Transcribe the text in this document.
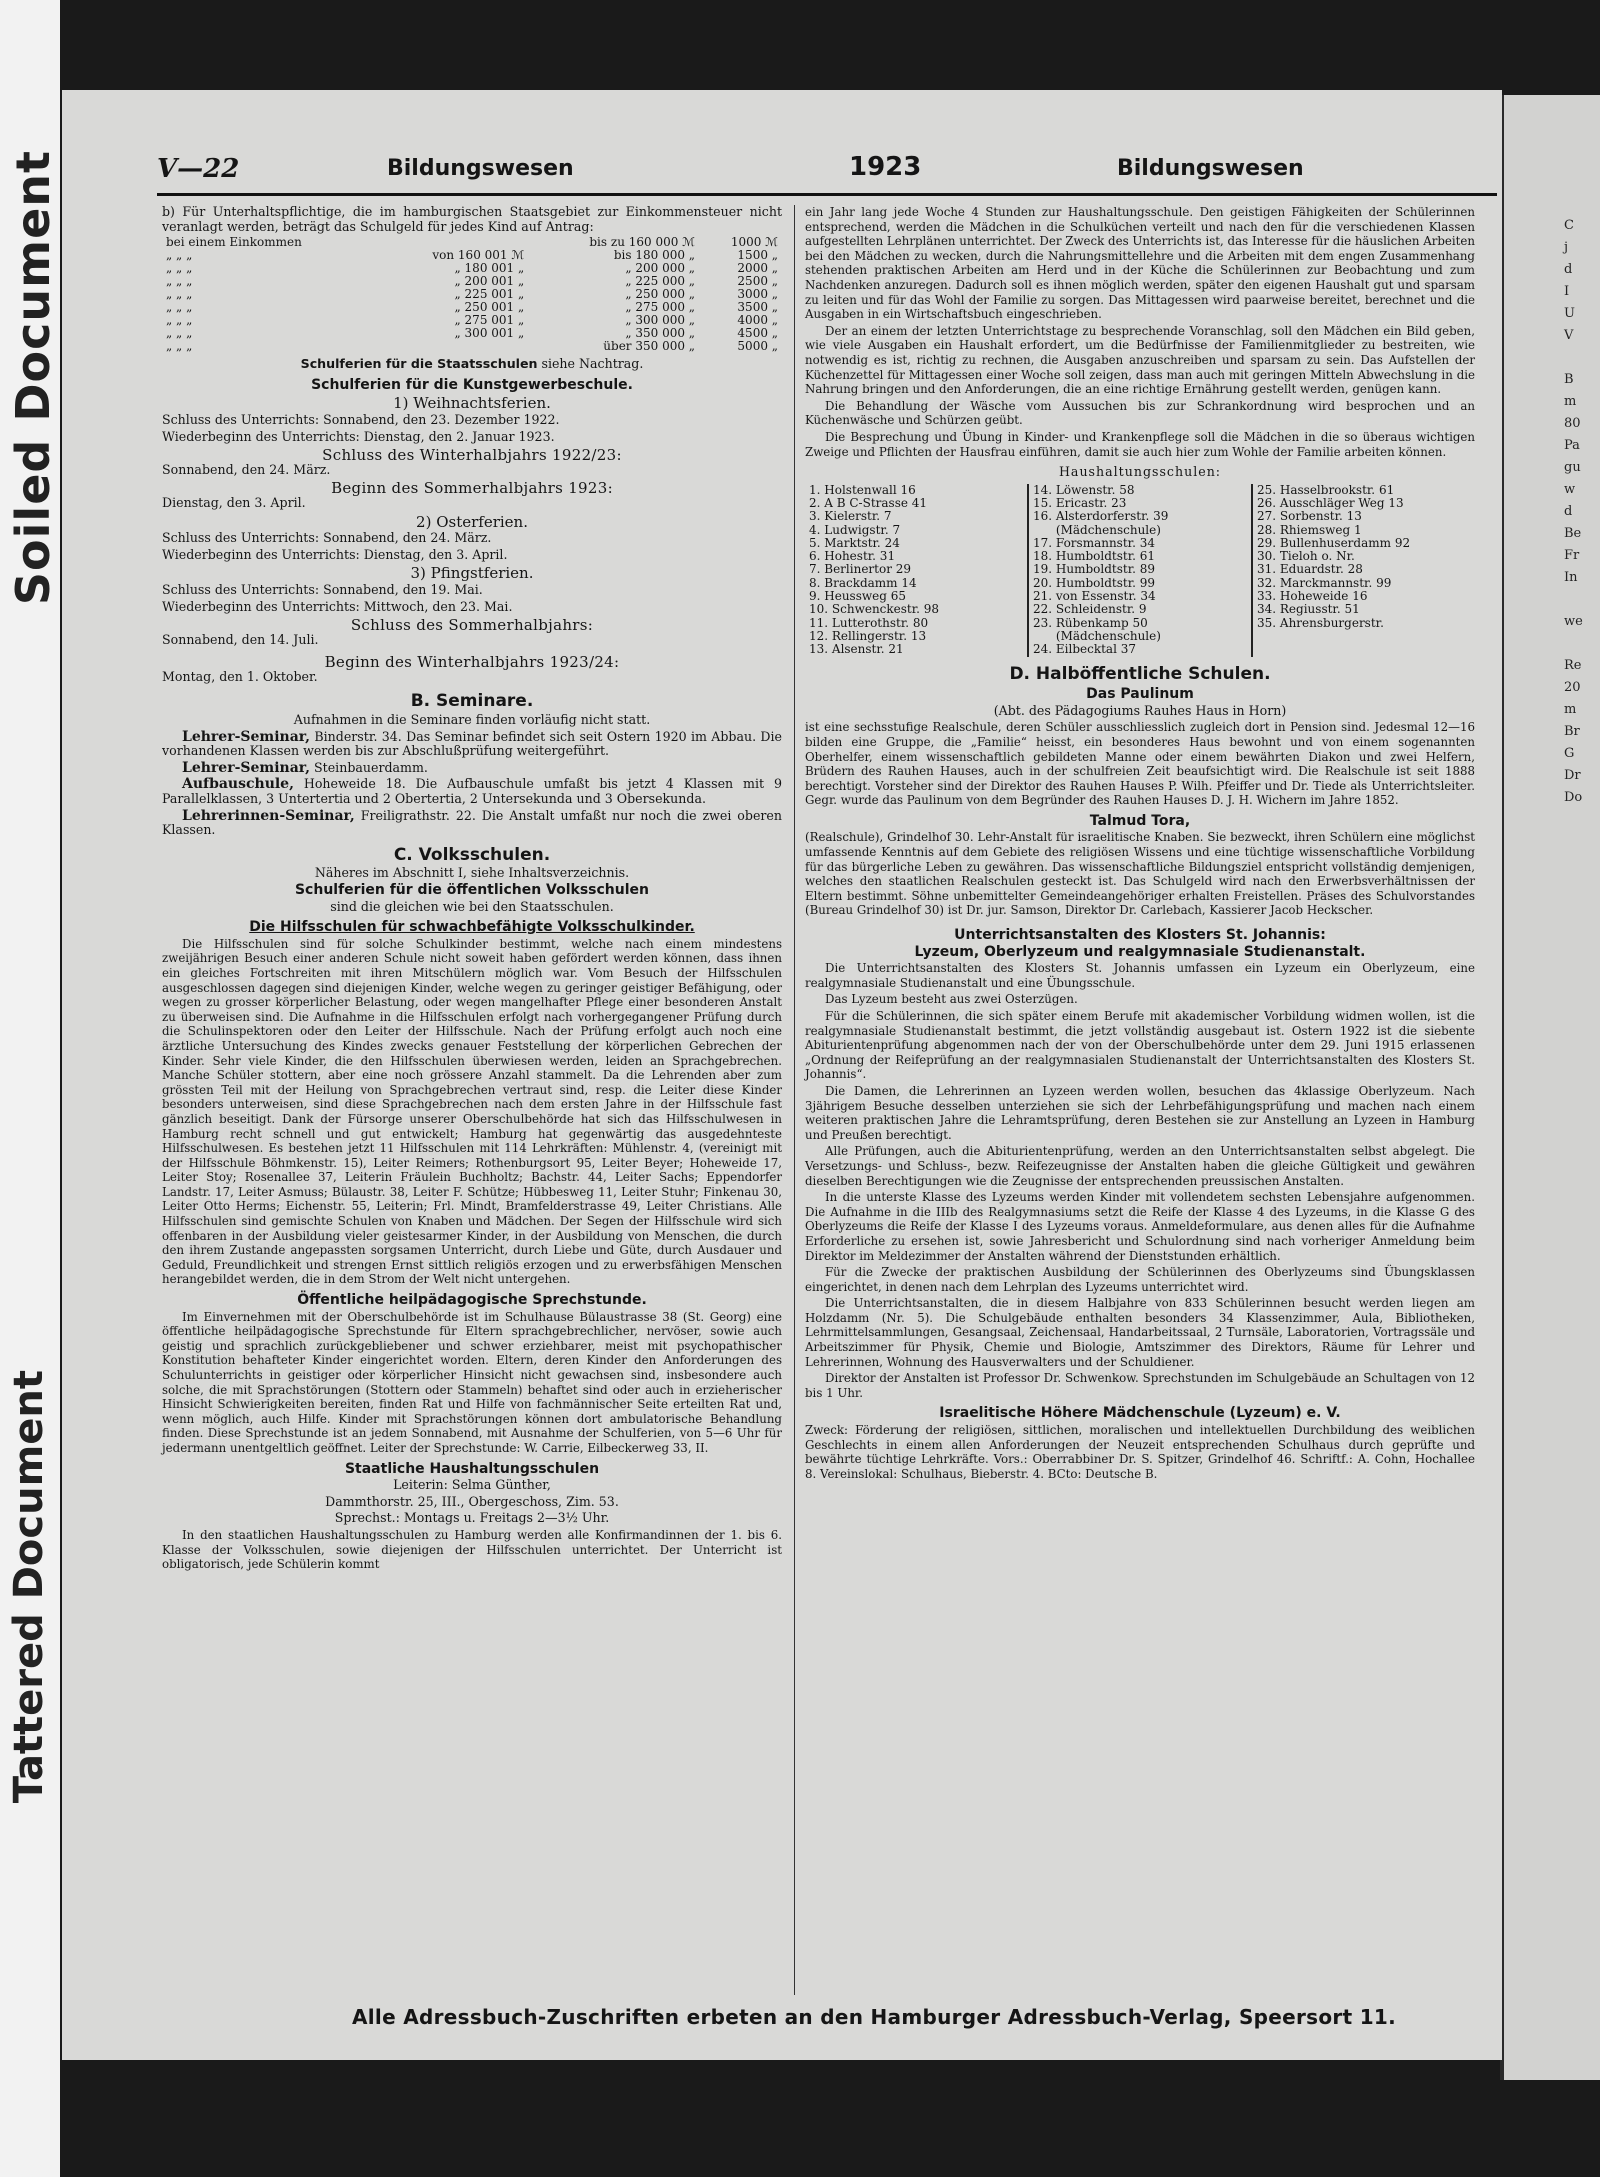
Soiled Document
Tattered Document
C
j
d
I
U
V

B
m
80
Pa
gu
w
d
Be
Fr
In

we

Re
20
m
Br
G
Dr
Do
V—22	Bildungswesen	1923	Bildungswesen

b) Für Unterhaltspflichtige, die im hamburgischen Staatsgebiet zur Einkommensteuer nicht veranlagt werden, beträgt das Schulgeld für jedes Kind auf Antrag:

bei einem Einkommen		bis zu 160 000 ℳ	1000 ℳ
„ „ „	von 160 001 ℳ	bis 180 000 „	1500 „
„ „ „	„ 180 001 „	„ 200 000 „	2000 „
„ „ „	„ 200 001 „	„ 225 000 „	2500 „
„ „ „	„ 225 001 „	„ 250 000 „	3000 „
„ „ „	„ 250 001 „	„ 275 000 „	3500 „
„ „ „	„ 275 001 „	„ 300 000 „	4000 „
„ „ „	„ 300 001 „	„ 350 000 „	4500 „
„ „ „		über 350 000 „	5000 „

Schulferien für die Staatsschulen siehe Nachtrag.

Schulferien für die Kunstgewerbeschule.
1) Weihnachtsferien.

Schluss des Unterrichts: Sonnabend, den 23. Dezember 1922.

Wiederbeginn des Unterrichts: Dienstag, den 2. Januar 1923.

Schluss des Winterhalbjahrs 1922/23:

Sonnabend, den 24. März.

Beginn des Sommerhalbjahrs 1923:

Dienstag, den 3. April.

2) Osterferien.

Schluss des Unterrichts: Sonnabend, den 24. März.

Wiederbeginn des Unterrichts: Dienstag, den 3. April.

3) Pfingstferien.

Schluss des Unterrichts: Sonnabend, den 19. Mai.

Wiederbeginn des Unterrichts: Mittwoch, den 23. Mai.

Schluss des Sommerhalbjahrs:

Sonnabend, den 14. Juli.

Beginn des Winterhalbjahrs 1923/24:

Montag, den 1. Oktober.

B. Seminare.

Aufnahmen in die Seminare finden vorläufig nicht statt.

Lehrer-Seminar, Binderstr. 34. Das Seminar befindet sich seit Ostern 1920 im Abbau. Die vorhandenen Klassen werden bis zur Abschlußprüfung weitergeführt.

Lehrer-Seminar, Steinbauerdamm.

Aufbauschule, Hoheweide 18. Die Aufbauschule umfaßt bis jetzt 4 Klassen mit 9 Parallelklassen, 3 Untertertia und 2 Obertertia, 2 Untersekunda und 3 Obersekunda.

Lehrerinnen-Seminar, Freiligrathstr. 22. Die Anstalt umfaßt nur noch die zwei oberen Klassen.

C. Volksschulen.

Näheres im Abschnitt I, siehe Inhaltsverzeichnis.

Schulferien für die öffentlichen Volksschulen

sind die gleichen wie bei den Staatsschulen.

Die Hilfsschulen für schwachbefähigte Volksschulkinder.

Die Hilfsschulen sind für solche Schulkinder bestimmt, welche nach einem mindestens zweijährigen Besuch einer anderen Schule nicht soweit haben gefördert werden können, dass ihnen ein gleiches Fortschreiten mit ihren Mitschülern möglich war. Vom Besuch der Hilfsschulen ausgeschlossen dagegen sind diejenigen Kinder, welche wegen zu geringer geistiger Befähigung, oder wegen zu grosser körperlicher Belastung, oder wegen mangelhafter Pflege einer besonderen Anstalt zu überweisen sind. Die Aufnahme in die Hilfsschulen erfolgt nach vorhergegangener Prüfung durch die Schulinspektoren oder den Leiter der Hilfsschule. Nach der Prüfung erfolgt auch noch eine ärztliche Untersuchung des Kindes zwecks genauer Feststellung der körperlichen Gebrechen der Kinder. Sehr viele Kinder, die den Hilfsschulen überwiesen werden, leiden an Sprachgebrechen. Manche Schüler stottern, aber eine noch grössere Anzahl stammelt. Da die Lehrenden aber zum grössten Teil mit der Heilung von Sprachgebrechen vertraut sind, resp. die Leiter diese Kinder besonders unterweisen, sind diese Sprachgebrechen nach dem ersten Jahre in der Hilfsschule fast gänzlich beseitigt. Dank der Fürsorge unserer Oberschulbehörde hat sich das Hilfsschulwesen in Hamburg recht schnell und gut entwickelt; Hamburg hat gegenwärtig das ausgedehnteste Hilfsschulwesen. Es bestehen jetzt 11 Hilfsschulen mit 114 Lehrkräften: Mühlenstr. 4, (vereinigt mit der Hilfsschule Böhmkenstr. 15), Leiter Reimers; Rothenburgsort 95, Leiter Beyer; Hoheweide 17, Leiter Stoy; Rosenallee 37, Leiterin Fräulein Buchholtz; Bachstr. 44, Leiter Sachs; Eppendorfer Landstr. 17, Leiter Asmuss; Bülaustr. 38, Leiter F. Schütze; Hübbesweg 11, Leiter Stuhr; Finkenau 30, Leiter Otto Herms; Eichenstr. 55, Leiterin; Frl. Mindt, Bramfelderstrasse 49, Leiter Christians. Alle Hilfsschulen sind gemischte Schulen von Knaben und Mädchen. Der Segen der Hilfsschule wird sich offenbaren in der Ausbildung vieler geistesarmer Kinder, in der Ausbildung von Menschen, die durch den ihrem Zustande angepassten sorgsamen Unterricht, durch Liebe und Güte, durch Ausdauer und Geduld, Freundlichkeit und strengen Ernst sittlich religiös erzogen und zu erwerbsfähigen Menschen herangebildet werden, die in dem Strom der Welt nicht untergehen.

Öffentliche heilpädagogische Sprechstunde.

Im Einvernehmen mit der Oberschulbehörde ist im Schulhause Bülaustrasse 38 (St. Georg) eine öffentliche heilpädagogische Sprechstunde für Eltern sprachgebrechlicher, nervöser, sowie auch geistig und sprachlich zurückgebliebener und schwer erziehbarer, meist mit psychopathischer Konstitution behafteter Kinder eingerichtet worden. Eltern, deren Kinder den Anforderungen des Schulunterrichts in geistiger oder körperlicher Hinsicht nicht gewachsen sind, insbesondere auch solche, die mit Sprachstörungen (Stottern oder Stammeln) behaftet sind oder auch in erzieherischer Hinsicht Schwierigkeiten bereiten, finden Rat und Hilfe von fachmännischer Seite erteilten Rat und, wenn möglich, auch Hilfe. Kinder mit Sprachstörungen können dort ambulatorische Behandlung finden. Diese Sprechstunde ist an jedem Sonnabend, mit Ausnahme der Schulferien, von 5—6 Uhr für jedermann unentgeltlich geöffnet. Leiter der Sprechstunde: W. Carrie, Eilbeckerweg 33, II.

Staatliche Haushaltungsschulen

Leiterin: Selma Günther,

Dammthorstr. 25, III., Obergeschoss, Zim. 53.

Sprechst.: Montags u. Freitags 2—3½ Uhr.

In den staatlichen Haushaltungsschulen zu Hamburg werden alle Konfirmandinnen der 1. bis 6. Klasse der Volksschulen, sowie diejenigen der Hilfsschulen unterrichtet. Der Unterricht ist obligatorisch, jede Schülerin kommt

ein Jahr lang jede Woche 4 Stunden zur Haushaltungsschule. Den geistigen Fähigkeiten der Schülerinnen entsprechend, werden die Mädchen in die Schulküchen verteilt und nach den für die verschiedenen Klassen aufgestellten Lehrplänen unterrichtet. Der Zweck des Unterrichts ist, das Interesse für die häuslichen Arbeiten bei den Mädchen zu wecken, durch die Nahrungsmittellehre und die Arbeiten mit dem engen Zusammenhang stehenden praktischen Arbeiten am Herd und in der Küche die Schülerinnen zur Beobachtung und zum Nachdenken anzuregen. Dadurch soll es ihnen möglich werden, später den eigenen Haushalt gut und sparsam zu leiten und für das Wohl der Familie zu sorgen. Das Mittagessen wird paarweise bereitet, berechnet und die Ausgaben in ein Wirtschaftsbuch eingeschrieben.

Der an einem der letzten Unterrichtstage zu besprechende Voranschlag, soll den Mädchen ein Bild geben, wie viele Ausgaben ein Haushalt erfordert, um die Bedürfnisse der Familienmitglieder zu bestreiten, wie notwendig es ist, richtig zu rechnen, die Ausgaben anzuschreiben und sparsam zu sein. Das Aufstellen der Küchenzettel für Mittagessen einer Woche soll zeigen, dass man auch mit geringen Mitteln Abwechslung in die Nahrung bringen und den Anforderungen, die an eine richtige Ernährung gestellt werden, genügen kann.

Die Behandlung der Wäsche vom Aussuchen bis zur Schrankordnung wird besprochen und an Küchenwäsche und Schürzen geübt.

Die Besprechung und Übung in Kinder- und Krankenpflege soll die Mädchen in die so überaus wichtigen Zweige und Pflichten der Hausfrau einführen, damit sie auch hier zum Wohle der Familie arbeiten können.

Haushaltungsschulen:

1. Holstenwall 16
2. A B C-Strasse 41
3. Kielerstr. 7
4. Ludwigstr. 7
5. Marktstr. 24
6. Hohestr. 31
7. Berlinertor 29
8. Brackdamm 14
9. Heussweg 65
10. Schwenckestr. 98
11. Lutterothstr. 80
12. Rellingerstr. 13
13. Alsenstr. 21
14. Löwenstr. 58
15. Ericastr. 23
16. Alsterdorferstr. 39
(Mädchenschule)
17. Forsmannstr. 34
18. Humboldtstr. 61
19. Humboldtstr. 89
20. Humboldtstr. 99
21. von Essenstr. 34
22. Schleidenstr. 9
23. Rübenkamp 50
(Mädchenschule)
24. Eilbecktal 37
25. Hasselbrookstr. 61
26. Ausschläger Weg 13
27. Sorbenstr. 13
28. Rhiemsweg 1
29. Bullenhuserdamm 92
30. Tieloh o. Nr.
31. Eduardstr. 28
32. Marckmannstr. 99
33. Hoheweide 16
34. Regiusstr. 51
35. Ahrensburgerstr.
D. Halböffentliche Schulen.
Das Paulinum

(Abt. des Pädagogiums Rauhes Haus in Horn)

ist eine sechsstufige Realschule, deren Schüler ausschliesslich zugleich dort in Pension sind. Jedesmal 12—16 bilden eine Gruppe, die „Familie“ heisst, ein besonderes Haus bewohnt und von einem sogenannten Oberhelfer, einem wissenschaftlich gebildeten Manne oder einem bewährten Diakon und zwei Helfern, Brüdern des Rauhen Hauses, auch in der schulfreien Zeit beaufsichtigt wird. Die Realschule ist seit 1888 berechtigt. Vorsteher sind der Direktor des Rauhen Hauses P. Wilh. Pfeiffer und Dr. Tiede als Unterrichtsleiter. Gegr. wurde das Paulinum von dem Begründer des Rauhen Hauses D. J. H. Wichern im Jahre 1852.

Talmud Tora,

(Realschule), Grindelhof 30. Lehr-Anstalt für israelitische Knaben. Sie bezweckt, ihren Schülern eine möglichst umfassende Kenntnis auf dem Gebiete des religiösen Wissens und eine tüchtige wissenschaftliche Vorbildung für das bürgerliche Leben zu gewähren. Das wissenschaftliche Bildungsziel entspricht vollständig demjenigen, welches den staatlichen Realschulen gesteckt ist. Das Schulgeld wird nach den Erwerbsverhältnissen der Eltern bestimmt. Söhne unbemittelter Gemeindeangehöriger erhalten Freistellen. Präses des Schulvorstandes (Bureau Grindelhof 30) ist Dr. jur. Samson, Direktor Dr. Carlebach, Kassierer Jacob Heckscher.

Unterrichtsanstalten des Klosters St. Johannis:
Lyzeum, Oberlyzeum und realgymnasiale Studienanstalt.

Die Unterrichtsanstalten des Klosters St. Johannis umfassen ein Lyzeum ein Oberlyzeum, eine realgymnasiale Studienanstalt und eine Übungsschule.

Das Lyzeum besteht aus zwei Osterzügen.

Für die Schülerinnen, die sich später einem Berufe mit akademischer Vorbildung widmen wollen, ist die realgymnasiale Studienanstalt bestimmt, die jetzt vollständig ausgebaut ist. Ostern 1922 ist die siebente Abiturientenprüfung abgenommen nach der von der Oberschulbehörde unter dem 29. Juni 1915 erlassenen „Ordnung der Reifeprüfung an der realgymnasialen Studienanstalt der Unterrichtsanstalten des Klosters St. Johannis“.

Die Damen, die Lehrerinnen an Lyzeen werden wollen, besuchen das 4klassige Oberlyzeum. Nach 3jährigem Besuche desselben unterziehen sie sich der Lehrbefähigungsprüfung und machen nach einem weiteren praktischen Jahre die Lehramtsprüfung, deren Bestehen sie zur Anstellung an Lyzeen in Hamburg und Preußen berechtigt.

Alle Prüfungen, auch die Abiturientenprüfung, werden an den Unterrichtsanstalten selbst abgelegt. Die Versetzungs- und Schluss-, bezw. Reifezeugnisse der Anstalten haben die gleiche Gültigkeit und gewähren dieselben Berechtigungen wie die Zeugnisse der entsprechenden preussischen Anstalten.

In die unterste Klasse des Lyzeums werden Kinder mit vollendetem sechsten Lebensjahre aufgenommen. Die Aufnahme in die IIIb des Realgymnasiums setzt die Reife der Klasse 4 des Lyzeums, in die Klasse G des Oberlyzeums die Reife der Klasse I des Lyzeums voraus. Anmeldeformulare, aus denen alles für die Aufnahme Erforderliche zu ersehen ist, sowie Jahresbericht und Schulordnung sind nach vorheriger Anmeldung beim Direktor im Meldezimmer der Anstalten während der Dienststunden erhältlich.

Für die Zwecke der praktischen Ausbildung der Schülerinnen des Oberlyzeums sind Übungsklassen eingerichtet, in denen nach dem Lehrplan des Lyzeums unterrichtet wird.

Die Unterrichtsanstalten, die in diesem Halbjahre von 833 Schülerinnen besucht werden liegen am Holzdamm (Nr. 5). Die Schulgebäude enthalten besonders 34 Klassenzimmer, Aula, Bibliotheken, Lehrmittelsammlungen, Gesangsaal, Zeichensaal, Handarbeitssaal, 2 Turnsäle, Laboratorien, Vortragssäle und Arbeitszimmer für Physik, Chemie und Biologie, Amtszimmer des Direktors, Räume für Lehrer und Lehrerinnen, Wohnung des Hausverwalters und der Schuldiener.

Direktor der Anstalten ist Professor Dr. Schwenkow. Sprechstunden im Schulgebäude an Schultagen von 12 bis 1 Uhr.

Israelitische Höhere Mädchenschule (Lyzeum) e. V.

Zweck: Förderung der religiösen, sittlichen, moralischen und intellektuellen Durchbildung des weiblichen Geschlechts in einem allen Anforderungen der Neuzeit entsprechenden Schulhaus durch geprüfte und bewährte tüchtige Lehrkräfte. Vors.: Oberrabbiner Dr. S. Spitzer, Grindelhof 46. Schriftf.: A. Cohn, Hochallee 8. Vereinslokal: Schulhaus, Bieberstr. 4. BCto: Deutsche B.

Alle Adressbuch-Zuschriften erbeten an den Hamburger Adressbuch-Verlag, Speersort 11.
